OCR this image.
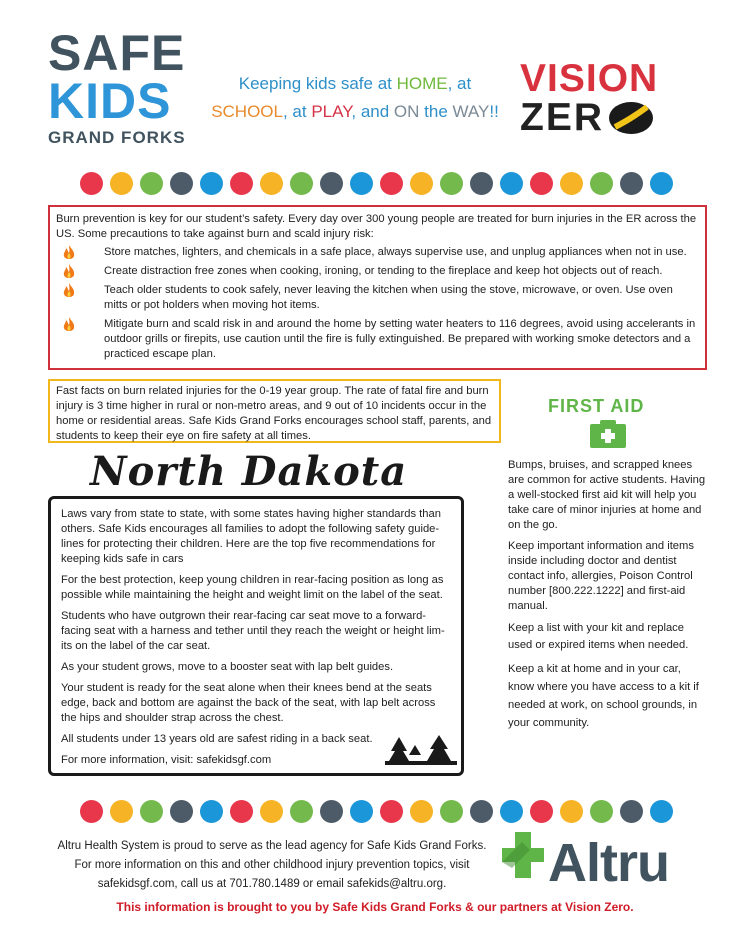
SAFE
KIDS
GRAND FORKS
Keeping kids safe at HOME, at
SCHOOL, at PLAY, and ON the WAY!!
VISION
ZER
Burn prevention is key for our student’s safety. Every day over 300 young people are treated for burn injuries in the ER across the US. Some precautions to take against burn and scald injury risk:
Store matches, lighters, and chemicals in a safe place, always supervise use, and unplug appliances when not in use.
Create distraction free zones when cooking, ironing, or tending to the fireplace and keep hot objects out of reach.
Teach older students to cook safely, never leaving the kitchen when using the stove, microwave, or oven. Use oven mitts or pot holders when moving hot items.
Mitigate burn and scald risk in and around the home by setting water heaters to 116 degrees, avoid using accelerants in outdoor grills or firepits, use caution until the fire is fully extinguished. Be prepared with working smoke detectors and a practiced escape plan.
Fast facts on burn related injuries for the 0-19 year group. The rate of fatal fire and burn injury is 3 time higher in rural or non-metro areas, and 9 out of 10 incidents occur in the home or residential areas. Safe Kids Grand Forks encourages school staff, parents, and students to keep their eye on fire safety at all times.
North Dakota

Laws vary from state to state, with some states having higher standards than others. Safe Kids encourages all families to adopt the following safety guide-lines for protecting their children. Here are the top five recommendations for keeping kids safe in cars

For the best protection, keep young children in rear-facing position as long as possible while maintaining the height and weight limit on the label of the seat.

Students who have outgrown their rear-facing car seat move to a forward-facing seat with a harness and tether until they reach the weight or height lim-its on the label of the car seat.

As your student grows, move to a booster seat with lap belt guides.

Your student is ready for the seat alone when their knees bend at the seats edge, back and bottom are against the back of the seat, with lap belt across the hips and shoulder strap across the chest.

All students under 13 years old are safest riding in a back seat.

For more information, visit: safekidsgf.com

FIRST AID

Bumps, bruises, and scrapped knees are common for active students. Having a well-stocked first aid kit will help you take care of minor injuries at home and on the go.

Keep important information and items inside including doctor and dentist contact info, allergies, Poison Control number [800.222.1222] and first-aid manual.

Keep a list with your kit and replace used or expired items when needed.

Keep a kit at home and in your car, know where you have access to a kit if needed at work, on school grounds, in your community.

Altru Health System is proud to serve as the lead agency for Safe Kids Grand Forks.
For more information on this and other childhood injury prevention topics, visit
safekidsgf.com, call us at 701.780.1489 or email safekids@altru.org.	Altru
This information is brought to you by Safe Kids Grand Forks & our partners at Vision Zero.
